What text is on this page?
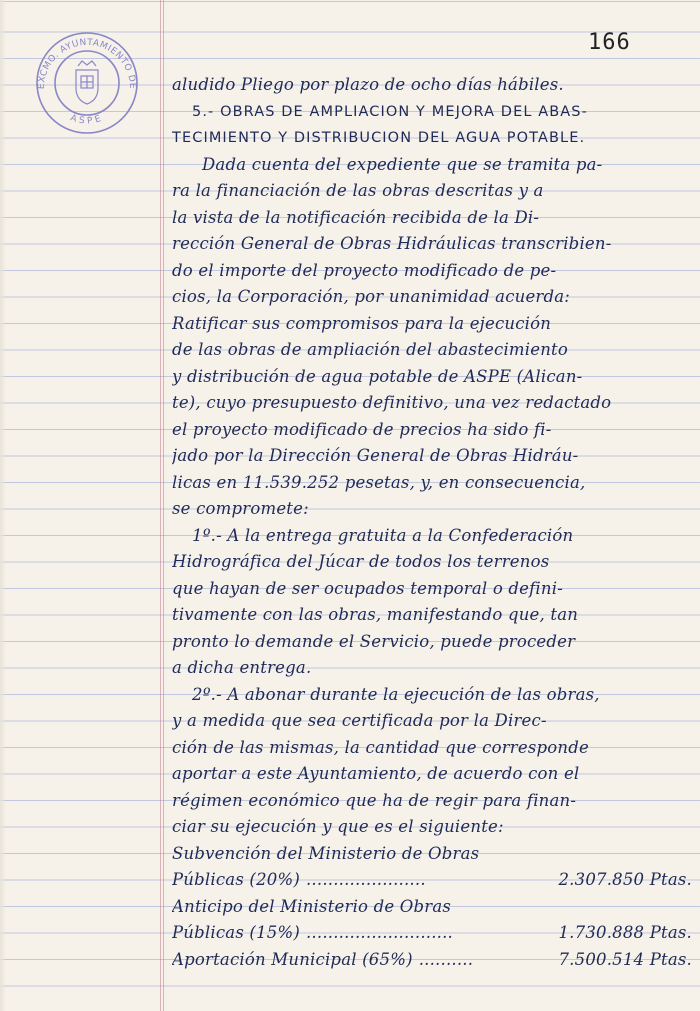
EXCMO. AYUNTAMIENTO DE
ASPE
166
aludido Pliego por plazo de ocho días hábiles.
5.- OBRAS DE AMPLIACION Y MEJORA DEL ABAS-
TECIMIENTO Y DISTRIBUCION DEL AGUA POTABLE.
Dada cuenta del expediente que se tramita pa-
ra la financiación de las obras descritas y a
la vista de la notificación recibida de la Di-
rección General de Obras Hidráulicas transcribien-
do el importe del proyecto modificado de pe-
cios, la Corporación, por unanimidad acuerda:
Ratificar sus compromisos para la ejecución
de las obras de ampliación del abastecimiento
y distribución de agua potable de ASPE (Alican-
te), cuyo presupuesto definitivo, una vez redactado
el proyecto modificado de precios ha sido fi-
jado por la Dirección General de Obras Hidráu-
licas en 11.539.252 pesetas, y, en consecuencia,
se compromete:
1º.- A la entrega gratuita a la Confederación
Hidrográfica del Júcar de todos los terrenos
que hayan de ser ocupados temporal o defini-
tivamente con las obras, manifestando que, tan
pronto lo demande el Servicio, puede proceder
a dicha entrega.
2º.- A abonar durante la ejecución de las obras,
y a medida que sea certificada por la Direc-
ción de las mismas, la cantidad que corresponde
aportar a este Ayuntamiento, de acuerdo con el
régimen económico que ha de regir para finan-
ciar su ejecución y que es el siguiente:
Subvención del Ministerio de Obras
Públicas (20%) ......................	2.307.850 Ptas.
Anticipo del Ministerio de Obras
Públicas (15%) ...........................	1.730.888 Ptas.
Aportación Municipal (65%) ..........	7.500.514 Ptas.
